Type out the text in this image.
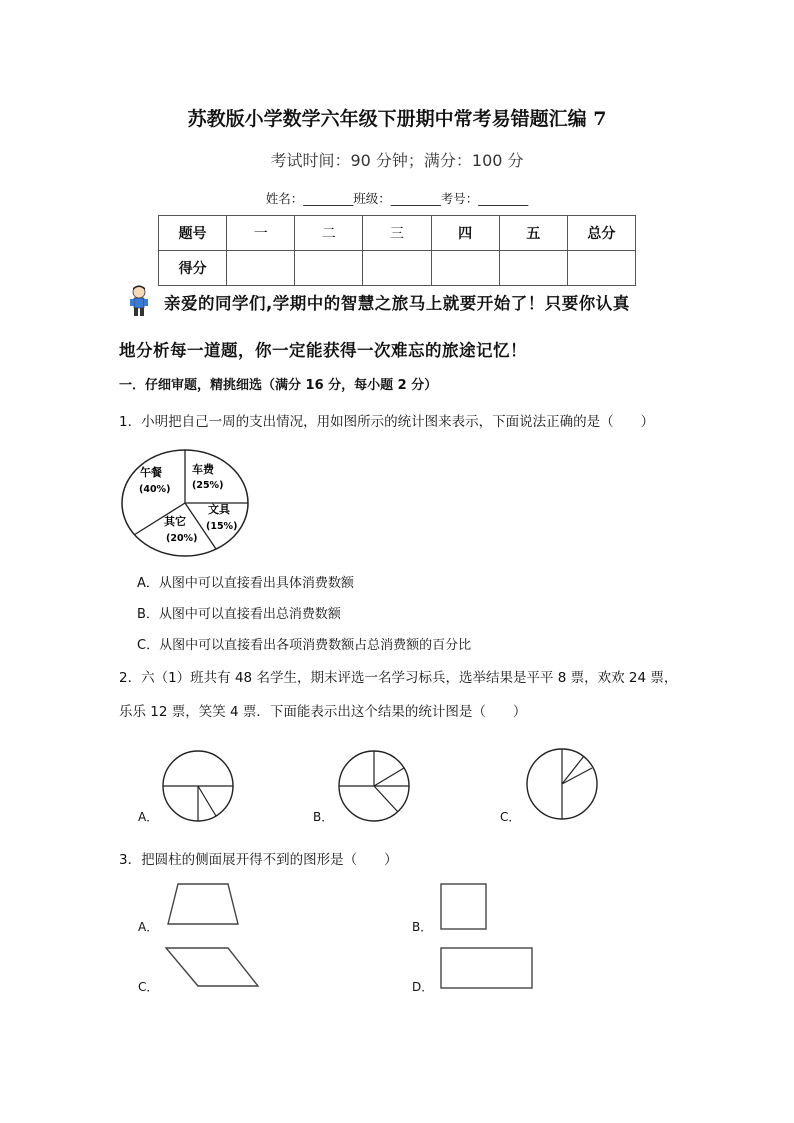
苏教版小学数学六年级下册期中常考易错题汇编 7
考试时间：90 分钟；满分：100 分
姓名：________班级：________考号：________
题号	一	二	三	四	五	总分
得分						
亲爱的同学们,学期中的智慧之旅马上就要开始了！只要你认真
地分析每一道题，你一定能获得一次难忘的旅途记忆！
一．仔细审题，精挑细选（满分 16 分，每小题 2 分）
1．小明把自己一周的支出情况，用如图所示的统计图来表示，下面说法正确的是（　　）
午餐
(40%)
车费
(25%)
文具
(15%)
其它
(20%)
A．从图中可以直接看出具体消费数额
B．从图中可以直接看出总消费数额
C．从图中可以直接看出各项消费数额占总消费额的百分比
2．六（1）班共有 48 名学生，期末评选一名学习标兵，选举结果是平平 8 票，欢欢 24 票，
乐乐 12 票，笑笑 4 票．下面能表示出这个结果的统计图是（　　）
A．	B．	C．
3．把圆柱的侧面展开得不到的图形是（　　）
A．	B．
C．	D．
